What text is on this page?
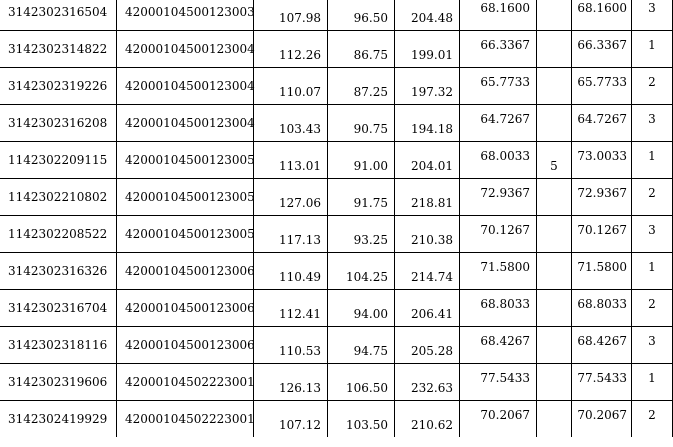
3142302316504	42000104500123003	107.98	96.50	204.48	68.1600		68.1600	3
3142302314822	42000104500123004	112.26	86.75	199.01	66.3367		66.3367	1
3142302319226	42000104500123004	110.07	87.25	197.32	65.7733		65.7733	2
3142302316208	42000104500123004	103.43	90.75	194.18	64.7267		64.7267	3
1142302209115	42000104500123005	113.01	91.00	204.01	68.0033	5	73.0033	1
1142302210802	42000104500123005	127.06	91.75	218.81	72.9367		72.9367	2
1142302208522	42000104500123005	117.13	93.25	210.38	70.1267		70.1267	3
3142302316326	42000104500123006	110.49	104.25	214.74	71.5800		71.5800	1
3142302316704	42000104500123006	112.41	94.00	206.41	68.8033		68.8033	2
3142302318116	42000104500123006	110.53	94.75	205.28	68.4267		68.4267	3
3142302319606	42000104502223001	126.13	106.50	232.63	77.5433		77.5433	1
3142302419929	42000104502223001	107.12	103.50	210.62	70.2067		70.2067	2
